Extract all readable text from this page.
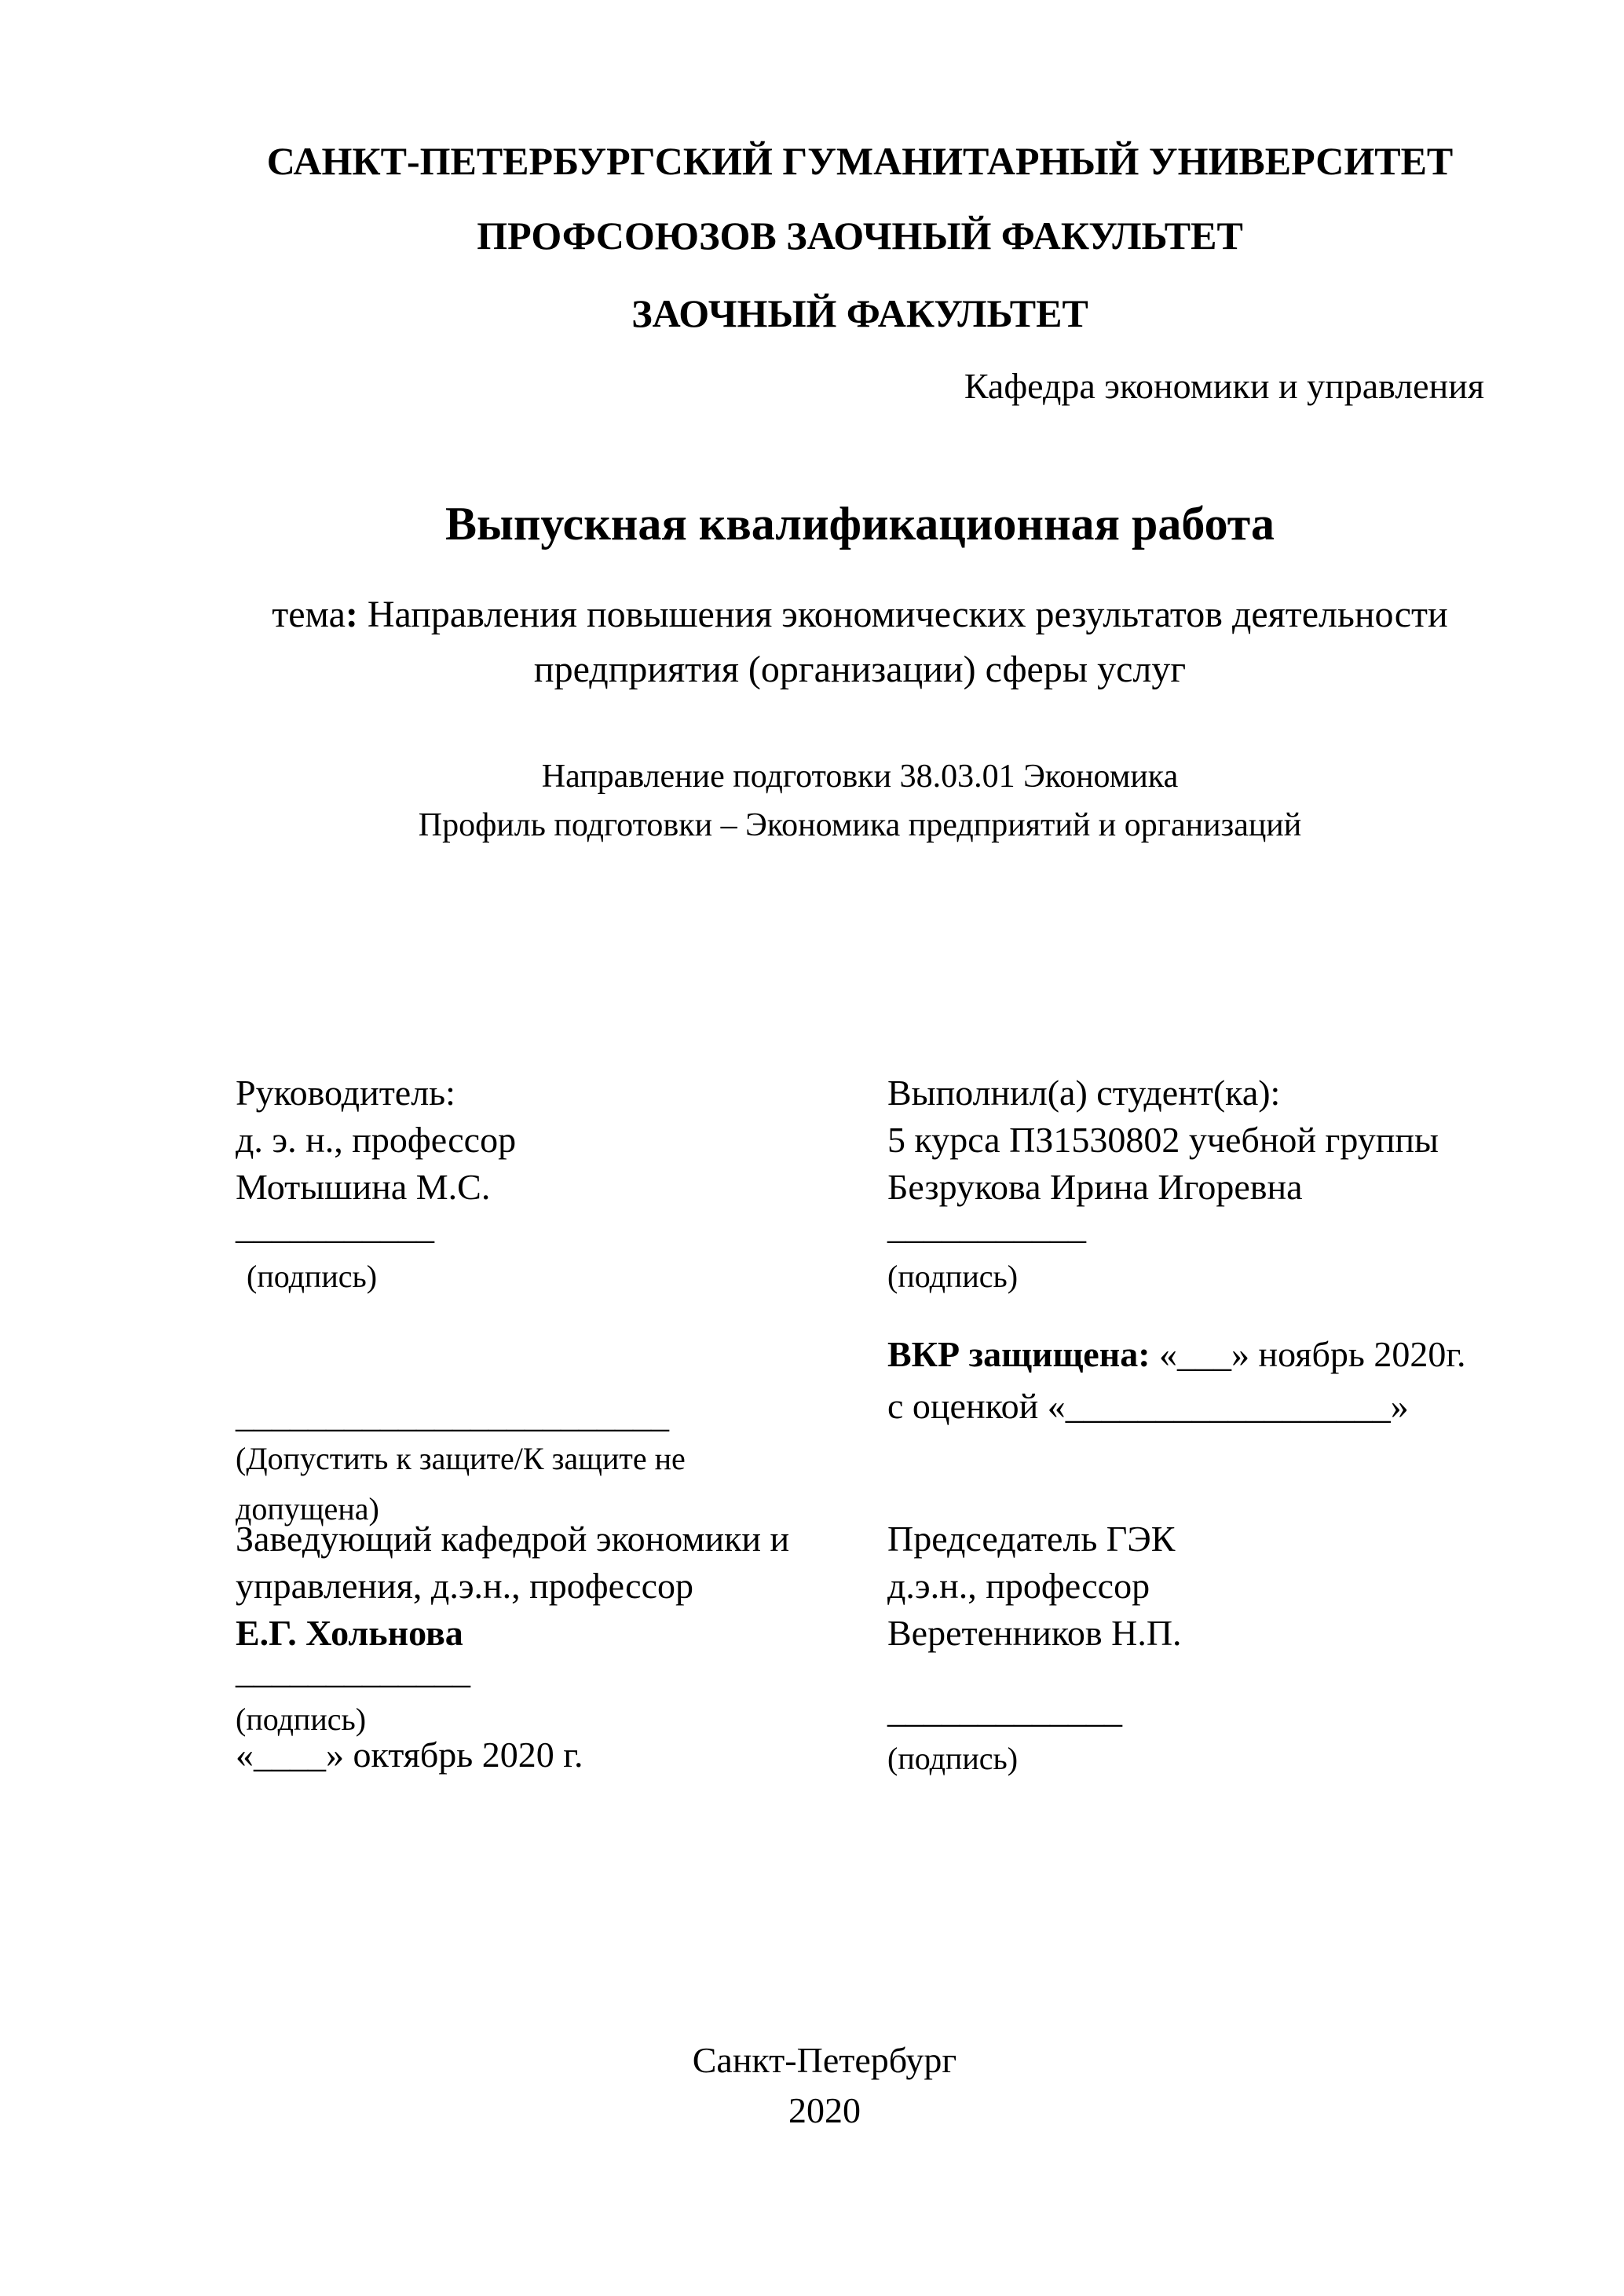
САНКТ-ПЕТЕРБУРГСКИЙ ГУМАНИТАРНЫЙ УНИВЕРСИТЕТ
ПРОФСОЮЗОВ ЗАОЧНЫЙ ФАКУЛЬТЕТ
ЗАОЧНЫЙ ФАКУЛЬТЕТ
Кафедра экономики и управления
Выпускная квалификационная работа
тема: Направления повышения экономических результатов деятельности
предприятия (организации) сферы услуг
Направление подготовки 38.03.01 Экономика
Профиль подготовки – Экономика предприятий и организаций
Руководитель:
д. э. н., профессор
Мотышина М.С.
___________
(подпись)
________________________
(Допустить к защите/К защите не
допущена)
Заведующий кафедрой экономики и
управления, д.э.н., профессор
Е.Г. Хольнова
_____________
(подпись)
«____» октябрь 2020 г.
Выполнил(а) студент(ка):
5 курса ПЗ1530802 учебной группы
Безрукова Ирина Игоревна
___________
(подпись)
ВКР защищена: «___» ноябрь 2020г.
с оценкой «__________________»
Председатель ГЭК
д.э.н., профессор
Веретенников Н.П.
_____________
(подпись)
Санкт-Петербург
2020
